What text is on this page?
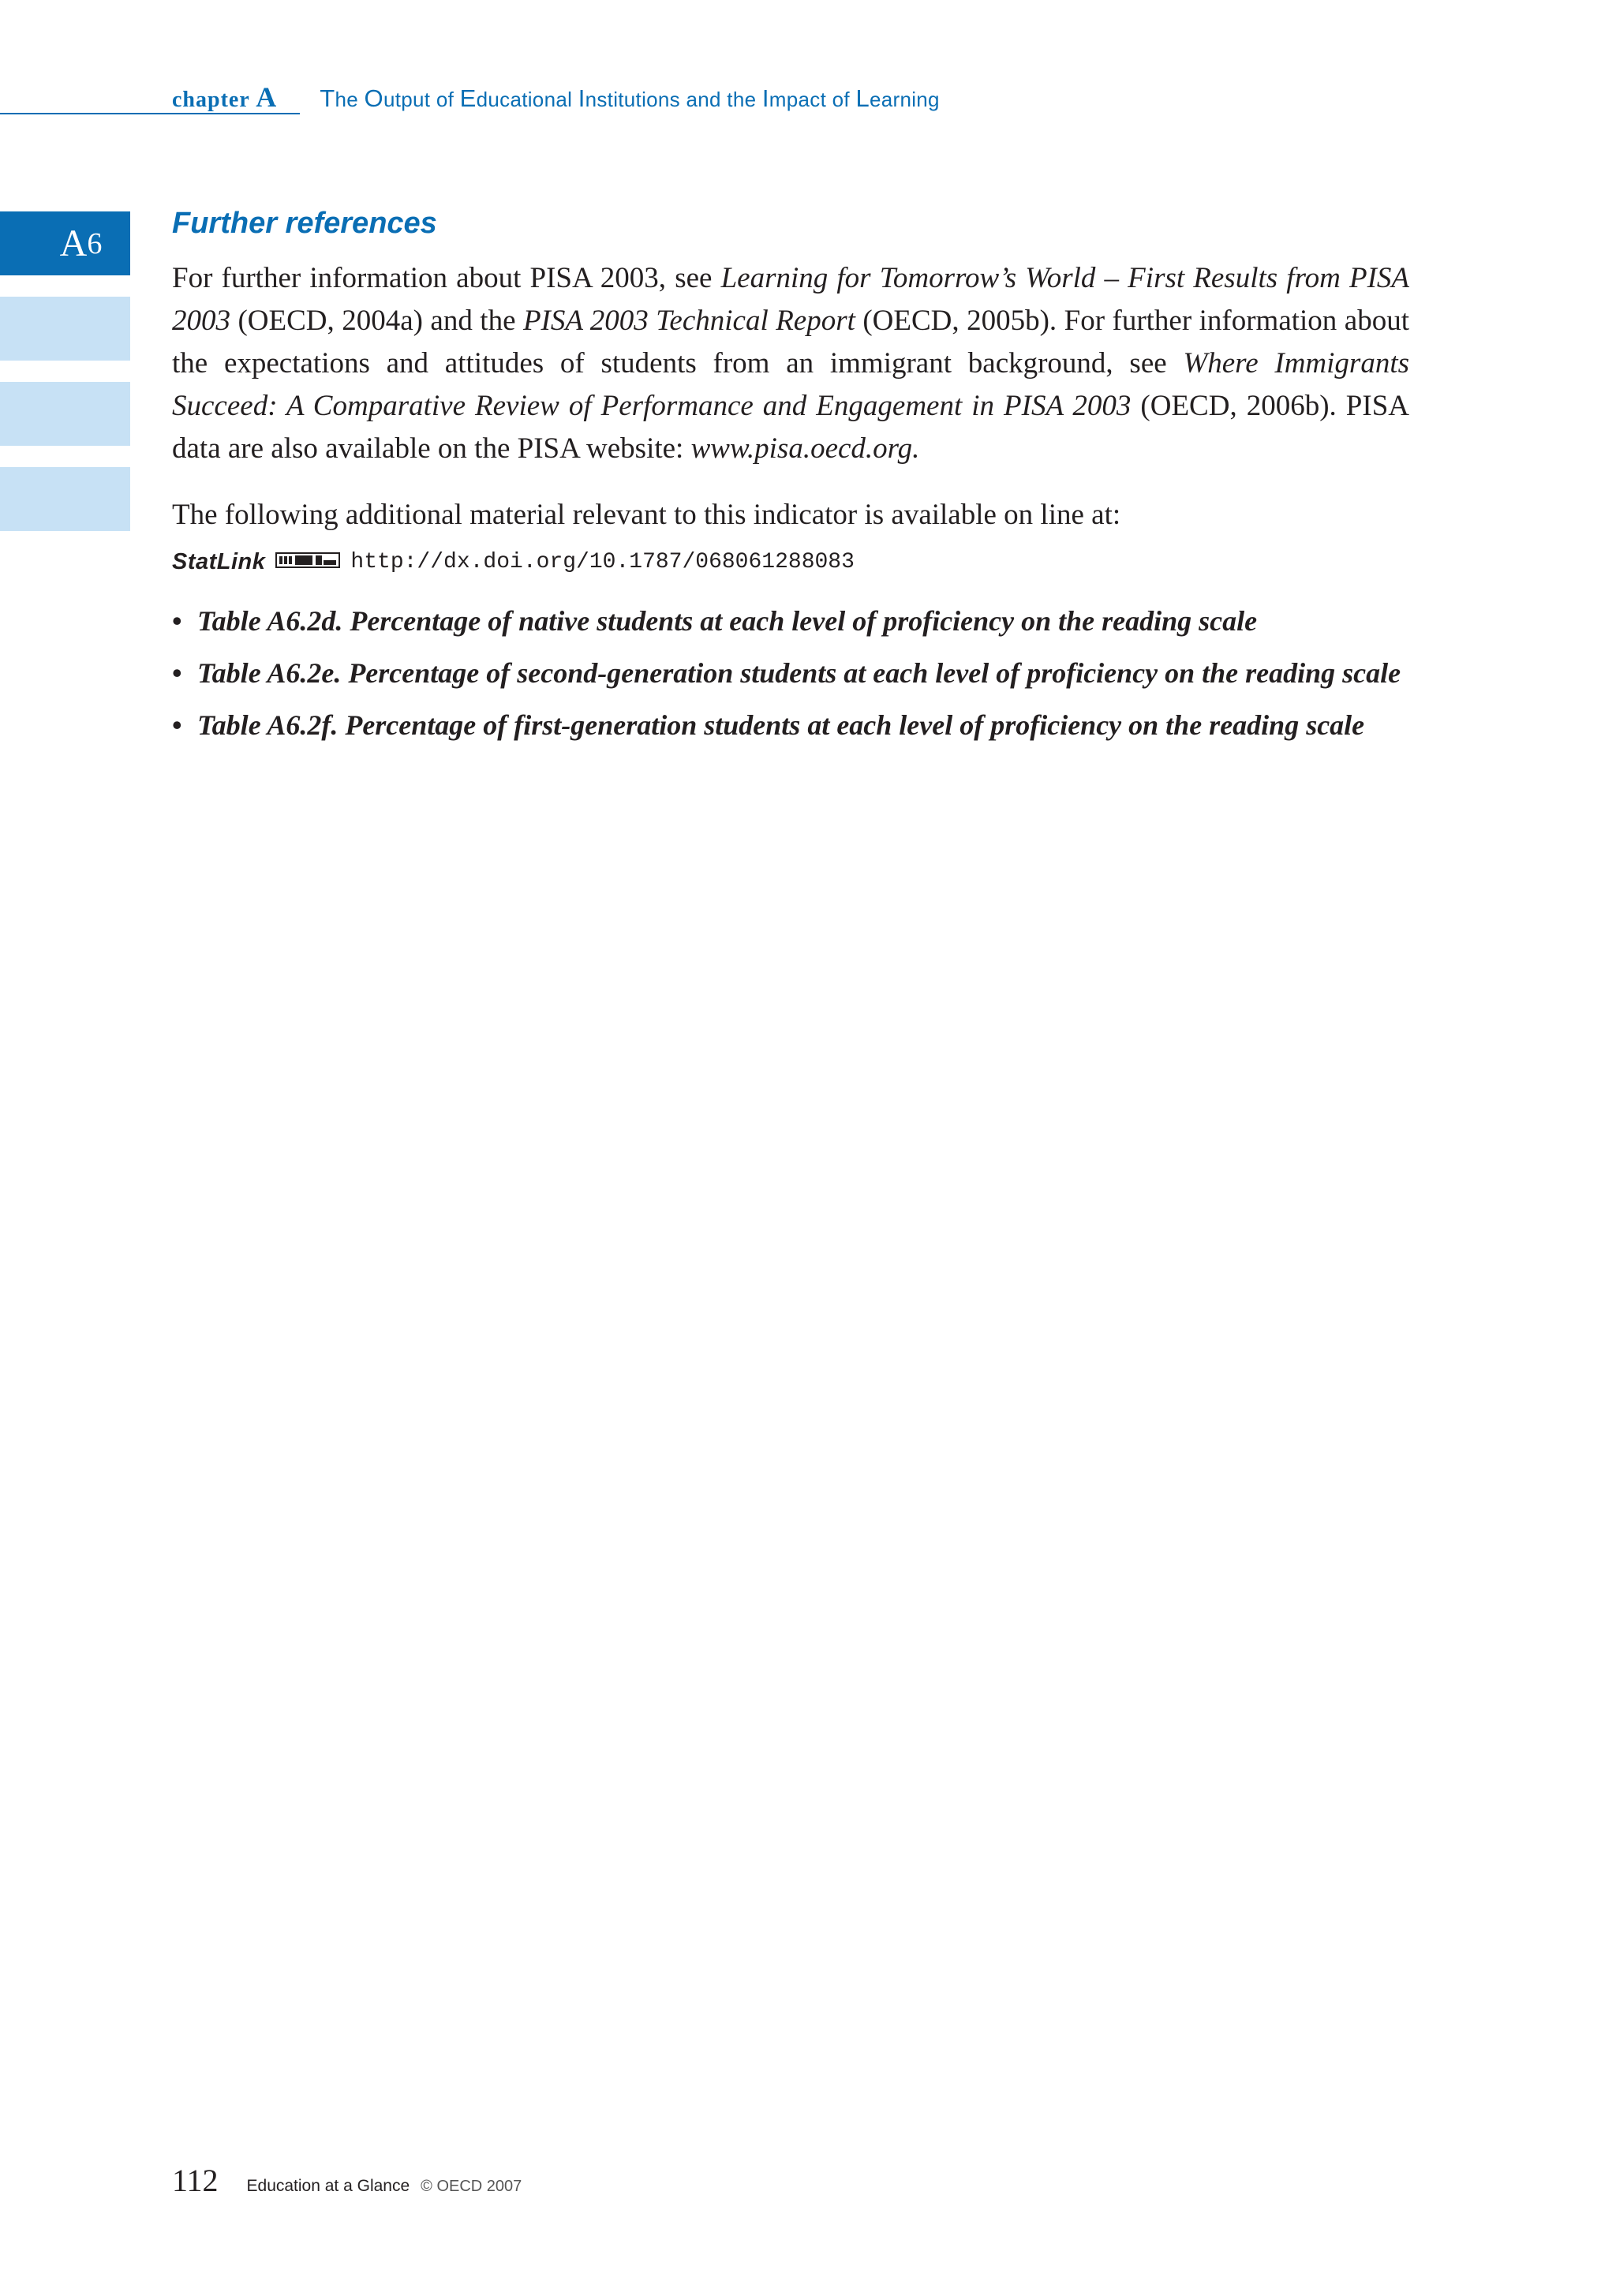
chapter A The Output of Educational Institutions and the Impact of Learning
A 6
Further references

For further information about PISA 2003, see Learning for Tomorrow’s World – First Results from PISA 2003 (OECD, 2004a) and the PISA 2003 Technical Report (OECD, 2005b). For further information about the expectations and attitudes of students from an immigrant background, see Where Immigrants Succeed: A Comparative Review of Performance and Engagement in PISA 2003 (OECD, 2006b). PISA data are also available on the PISA website: www.pisa.oecd.org.

The following additional material relevant to this indicator is available on line at:

StatLink	http://dx.doi.org/10.1787/068061288083
• Table A6.2d. Percentage of native students at each level of proficiency on the reading scale
• Table A6.2e. Percentage of second-generation students at each level of proficiency on the reading scale
• Table A6.2f. Percentage of first-generation students at each level of proficiency on the reading scale
112 Education at a Glance © OECD 2007
